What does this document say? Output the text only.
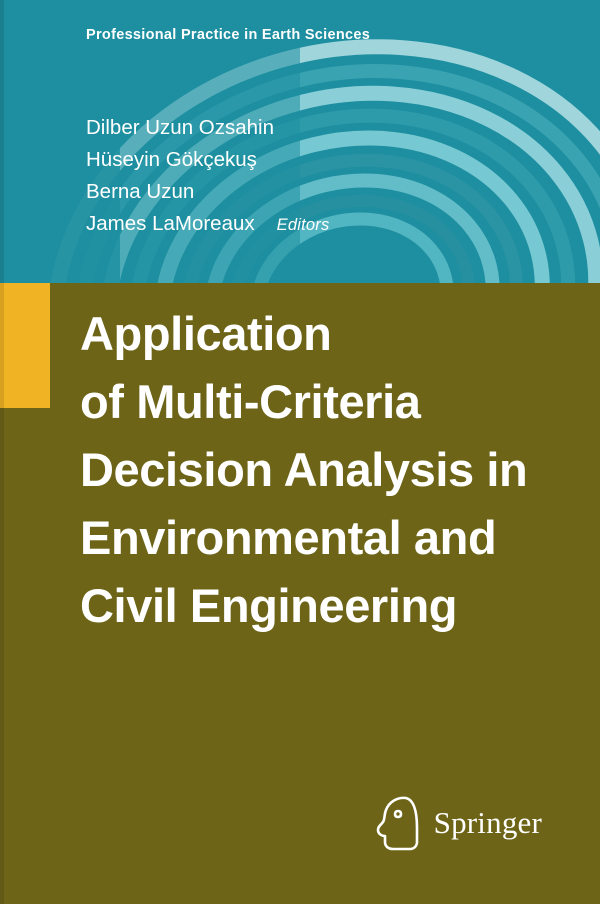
Professional Practice in Earth Sciences
Dilber Uzun Ozsahin
Hüseyin Gökçekuş
Berna Uzun
James LaMoreaux Editors
Application
of Multi-Criteria
Decision Analysis in
Environmental and
Civil Engineering
Springer
